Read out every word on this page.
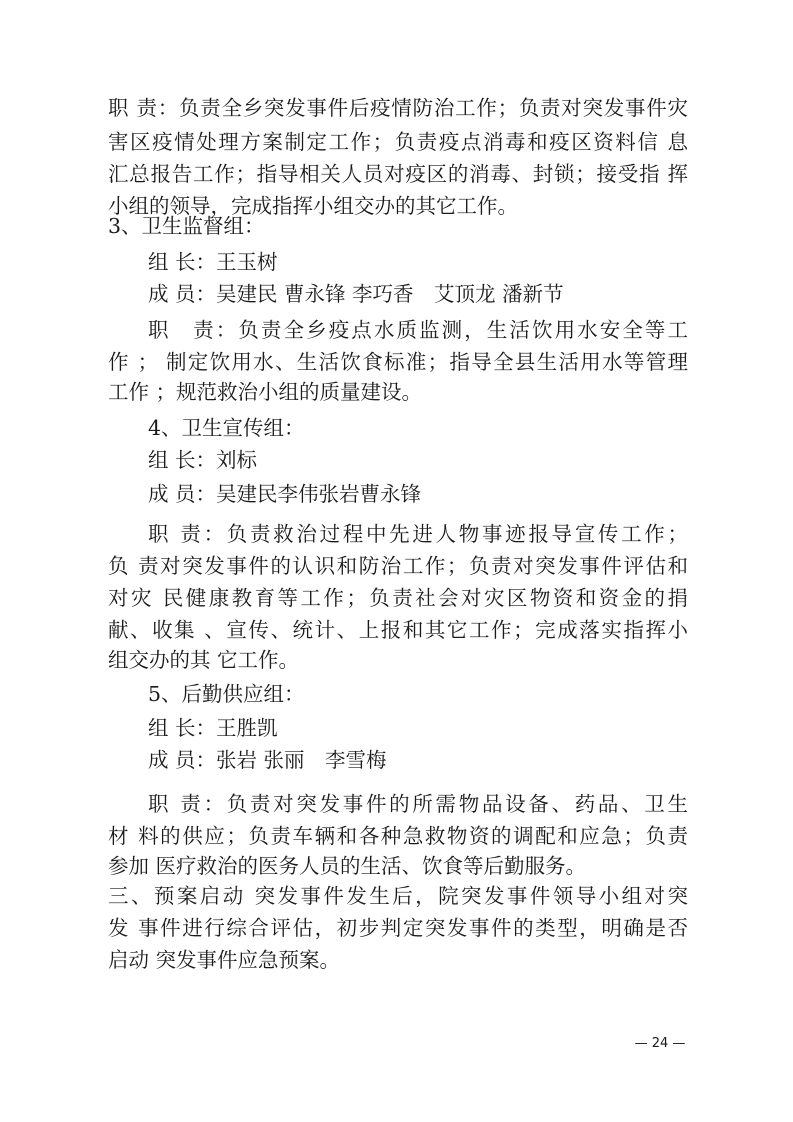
职 责：负责全乡突发事件后疫情防治工作；负责对突发事件灾
害区疫情处理方案制定工作；负责疫点消毒和疫区资料信 息
汇总报告工作；指导相关人员对疫区的消毒、封锁；接受指 挥
小组的领导，完成指挥小组交办的其它工作。
3、卫生监督组：
组 长：王玉树
成 员：吴建民 曹永锋 李巧香　艾顶龙 潘新节
职　责：负责全乡疫点水质监测，生活饮用水安全等工
作 ； 制定饮用水、生活饮食标准；指导全县生活用水等管理
工作 ；规范救治小组的质量建设。
4、卫生宣传组：
组 长：刘标
成 员：吴建民李伟张岩曹永锋
职 责：负责救治过程中先进人物事迹报导宣传工作；
负 责对突发事件的认识和防治工作；负责对突发事件评估和
对灾 民健康教育等工作；负责社会对灾区物资和资金的捐
献、收集 、宣传、统计、上报和其它工作；完成落实指挥小
组交办的其 它工作。
5、后勤供应组：
组 长：王胜凯
成 员：张岩 张丽　李雪梅
职 责：负责对突发事件的所需物品设备、药品、卫生
材 料的供应；负责车辆和各种急救物资的调配和应急；负责
参加 医疗救治的医务人员的生活、饮食等后勤服务。
三、预案启动 突发事件发生后，院突发事件领导小组对突
发 事件进行综合评估，初步判定突发事件的类型，明确是否
启动 突发事件应急预案。
— 24 —
